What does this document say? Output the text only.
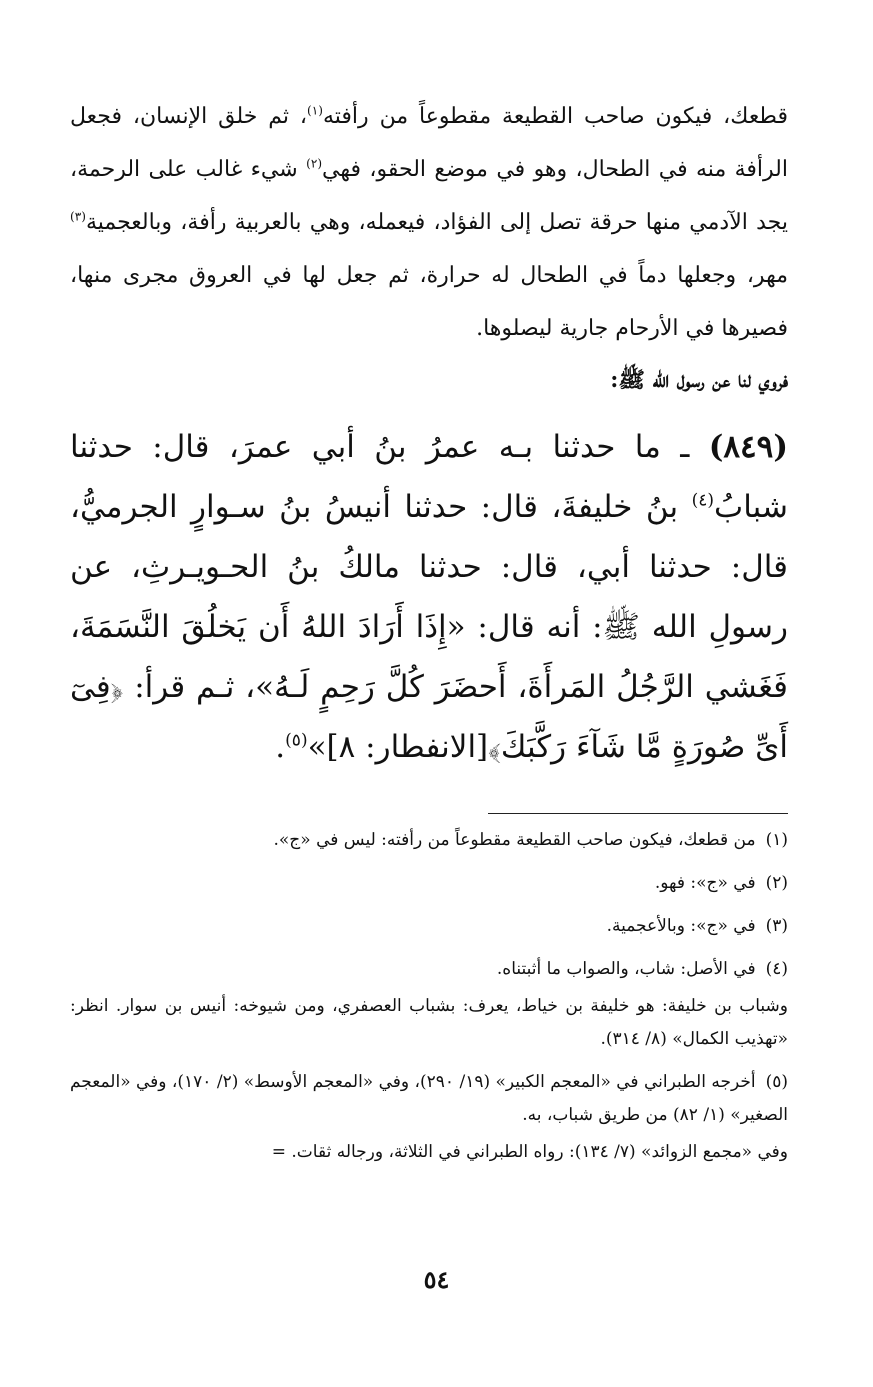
قطعك، فيكون صاحب القطيعة مقطوعاً من رأفته$^{(١)}$، ثم خلق الإنسان، فجعل الرأفة منه في الطحال، وهو في موضع الحقو، فهي$^{(٢)}$ شيء غالب على الرحمة، يجد الآدمي منها حرقة تصل إلى الفؤاد، فيعمله، وهي بالعربية رأفة، وبالعجمية$^{(٣)}$ مهر، وجعلها دماً في الطحال له حرارة، ثم جعل لها في العروق مجرى منها، فصيرها في الأرحام جارية ليصلوها.

فروي لنا عن رسول الله ﷺ:

(٨٤٩) ـ ما حدثنا بـه عمرُ بنُ أبي عمرَ، قال: حدثنا شبابُ$^{(٤)}$ بنُ خليفةَ، قال: حدثنا أنيسُ بنُ سـوارٍ الجرميُّ، قال: حدثنا أبي، قال: حدثنا مالكُ بنُ الحـويـرثِ، عن رسولِ الله ﷺ: أنه قال: «إِذَا أَرَادَ اللهُ أَن يَخلُقَ النَّسَمَةَ، فَغَشي الرَّجُلُ المَرأَةَ، أَحضَرَ كُلَّ رَحِمٍ لَـهُ»، ثـم قرأ: ﴿فِىٓ أَىِّ صُورَةٍ مَّا شَآءَ رَكَّبَكَ﴾[الانفطار: ٨]»$^{(٥)}$.

(١)من قطعك، فيكون صاحب القطيعة مقطوعاً من رأفته: ليس في «ج».

(٢)في «ج»: فهو.

(٣)في «ج»: وبالأعجمية.

(٤)في الأصل: شاب، والصواب ما أثبتناه.

وشباب بن خليفة: هو خليفة بن خياط، يعرف: بشباب العصفري، ومن شيوخه: أنيس بن سوار. انظر: «تهذيب الكمال» (٨/ ٣١٤).

(٥)أخرجه الطبراني في «المعجم الكبير» (١٩/ ٢٩٠)، وفي «المعجم الأوسط» (٢/ ١٧٠)، وفي «المعجم الصغير» (١/ ٨٢) من طريق شباب، به.

وفي «مجمع الزوائد» (٧/ ١٣٤): رواه الطبراني في الثلاثة، ورجاله ثقات. =

٥٤
